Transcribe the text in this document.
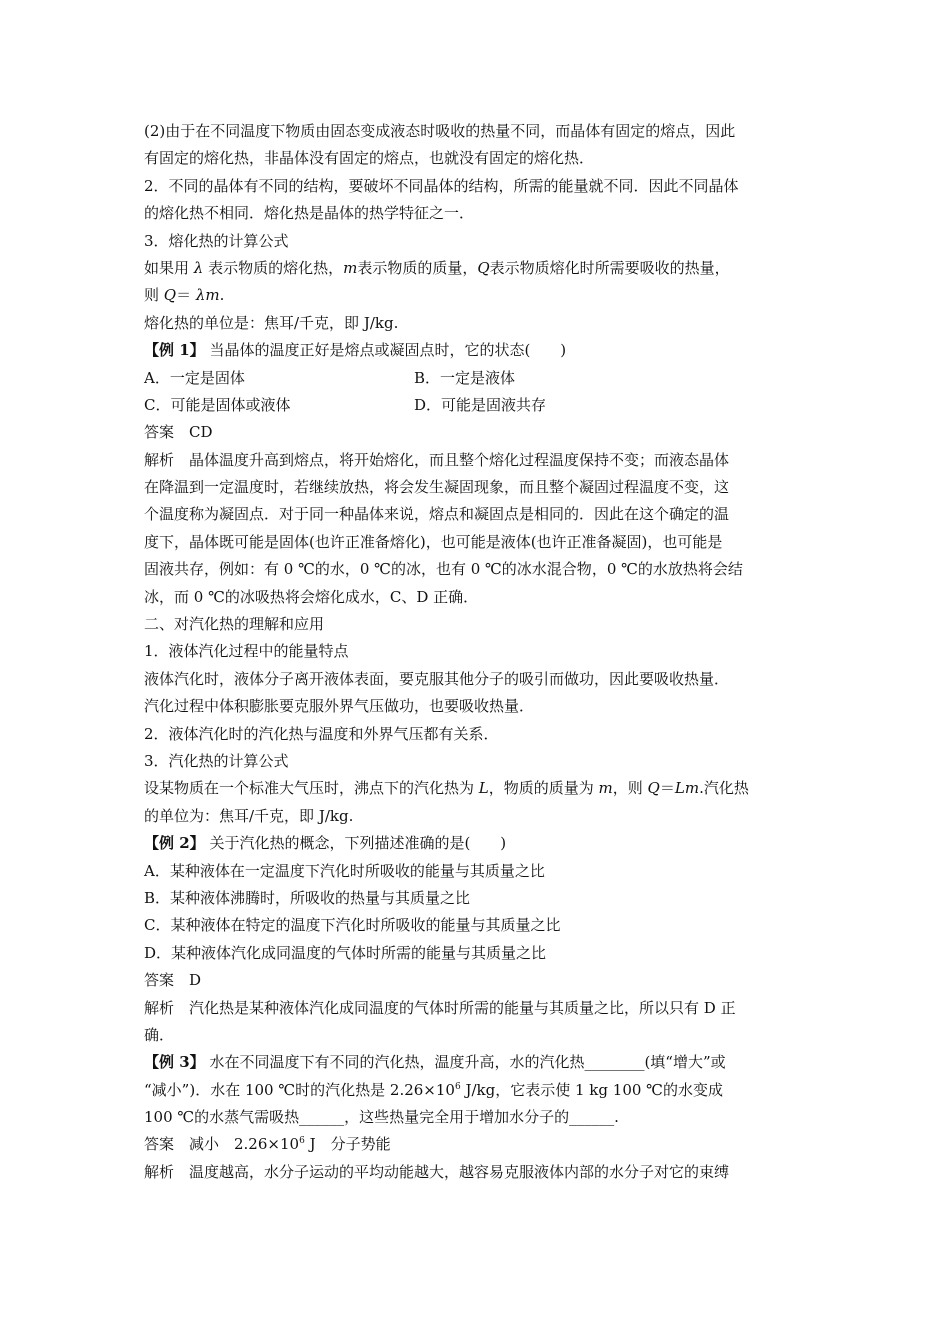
(2)由于在不同温度下物质由固态变成液态时吸收的热量不同，而晶体有固定的熔点，因此
有固定的熔化热，非晶体没有固定的熔点，也就没有固定的熔化热．
2．不同的晶体有不同的结构，要破坏不同晶体的结构，所需的能量就不同．因此不同晶体
的熔化热不相同．熔化热是晶体的热学特征之一．
3．熔化热的计算公式
如果用 λ 表示物质的熔化热，m表示物质的质量，Q表示物质熔化时所需要吸收的热量，
则 Q＝ λm.
熔化热的单位是：焦耳/千克，即 J/kg.
【例 1】 当晶体的温度正好是熔点或凝固点时，它的状态(　　)
A．一定是固体	B．一定是液体
C．可能是固体或液体	D．可能是固液共存
答案　CD
解析　晶体温度升高到熔点，将开始熔化，而且整个熔化过程温度保持不变；而液态晶体
在降温到一定温度时，若继续放热，将会发生凝固现象，而且整个凝固过程温度不变，这
个温度称为凝固点．对于同一种晶体来说，熔点和凝固点是相同的．因此在这个确定的温
度下，晶体既可能是固体(也许正准备熔化)，也可能是液体(也许正准备凝固)，也可能是
固液共存，例如：有 0 ℃的水，0 ℃的冰，也有 0 ℃的冰水混合物，0 ℃的水放热将会结
冰，而 0 ℃的冰吸热将会熔化成水，C、D 正确．
二、对汽化热的理解和应用
1．液体汽化过程中的能量特点
液体汽化时，液体分子离开液体表面，要克服其他分子的吸引而做功，因此要吸收热量．
汽化过程中体积膨胀要克服外界气压做功，也要吸收热量．
2．液体汽化时的汽化热与温度和外界气压都有关系．
3．汽化热的计算公式
设某物质在一个标准大气压时，沸点下的汽化热为 L，物质的质量为 m，则 Q＝Lm.汽化热
的单位为：焦耳/千克，即 J/kg.
【例 2】 关于汽化热的概念，下列描述准确的是(　　)
A．某种液体在一定温度下汽化时所吸收的能量与其质量之比
B．某种液体沸腾时，所吸收的热量与其质量之比
C．某种液体在特定的温度下汽化时所吸收的能量与其质量之比
D．某种液体汽化成同温度的气体时所需的能量与其质量之比
答案　D
解析　汽化热是某种液体汽化成同温度的气体时所需的能量与其质量之比，所以只有 D 正
确．
【例 3】 水在不同温度下有不同的汽化热，温度升高，水的汽化热________(填“增大”或
“减小”)．水在 100 ℃时的汽化热是 $2.26\times 10^6$ J/kg，它表示使 1 kg 100 ℃的水变成
100 ℃的水蒸气需吸热______，这些热量完全用于增加水分子的______.
答案　减小　$2.26\times 10^6$ J　分子势能
解析　温度越高，水分子运动的平均动能越大，越容易克服液体内部的水分子对它的束缚
